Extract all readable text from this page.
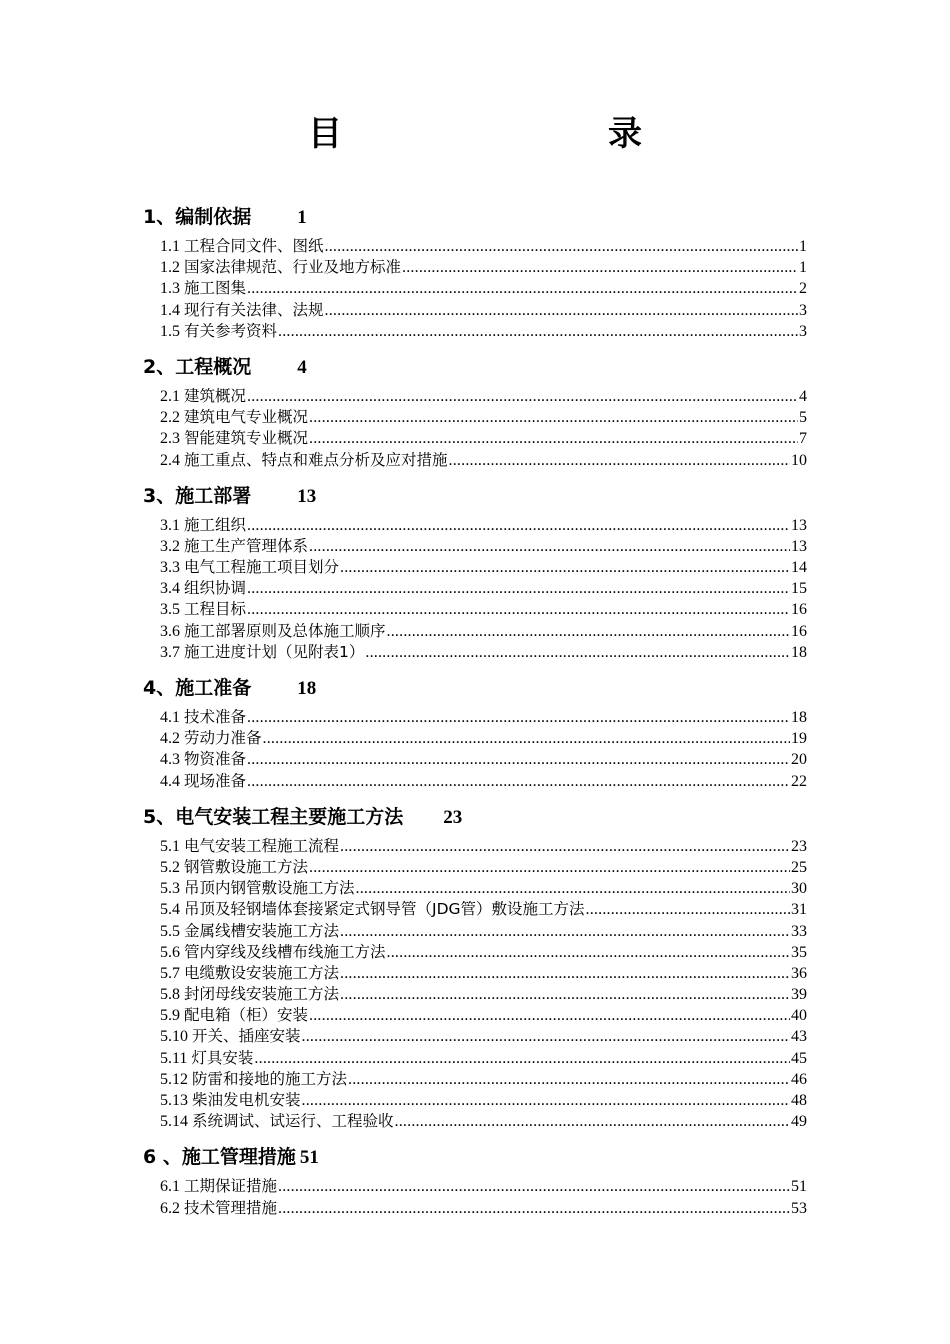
目　　录
1、编制依据 1
1.1 工程合同文件、图纸 .....	1
1.2 国家法律规范、行业及地方标准 .....	1
1.3 施工图集 .....	2
1.4 现行有关法律、法规 .....	3
1.5 有关参考资料 .....	3
2、工程概况 4
2.1 建筑概况 .....	4
2.2 建筑电气专业概况 .....	5
2.3 智能建筑专业概况 .....	7
2.4 施工重点、特点和难点分析及应对措施 .....	10
3、施工部署 13
3.1 施工组织 .....	13
3.2 施工生产管理体系 .....	13
3.3 电气工程施工项目划分 .....	14
3.4 组织协调 .....	15
3.5 工程目标 .....	16
3.6 施工部署原则及总体施工顺序 .....	16
3.7 施工进度计划（见附表1） .....	18
4、施工准备 18
4.1 技术准备 .....	18
4.2 劳动力准备 .....	19
4.3 物资准备 .....	20
4.4 现场准备 .....	22
5、电气安装工程主要施工方法 23
5.1 电气安装工程施工流程 .....	23
5.2 钢管敷设施工方法 .....	25
5.3 吊顶内钢管敷设施工方法 .....	30
5.4 吊顶及轻钢墙体套接紧定式钢导管（JDG管）敷设施工方法 .....	31
5.5 金属线槽安装施工方法 .....	33
5.6 管内穿线及线槽布线施工方法 .....	35
5.7 电缆敷设安装施工方法 .....	36
5.8 封闭母线安装施工方法 .....	39
5.9 配电箱（柜）安装 .....	40
5.10 开关、插座安装 .....	43
5.11 灯具安装 .....	45
5.12 防雷和接地的施工方法 .....	46
5.13 柴油发电机安装 .....	48
5.14 系统调试、试运行、工程验收 .....	49
6 、施工管理措施 51
6.1 工期保证措施 .....	51
6.2 技术管理措施 .....	53
